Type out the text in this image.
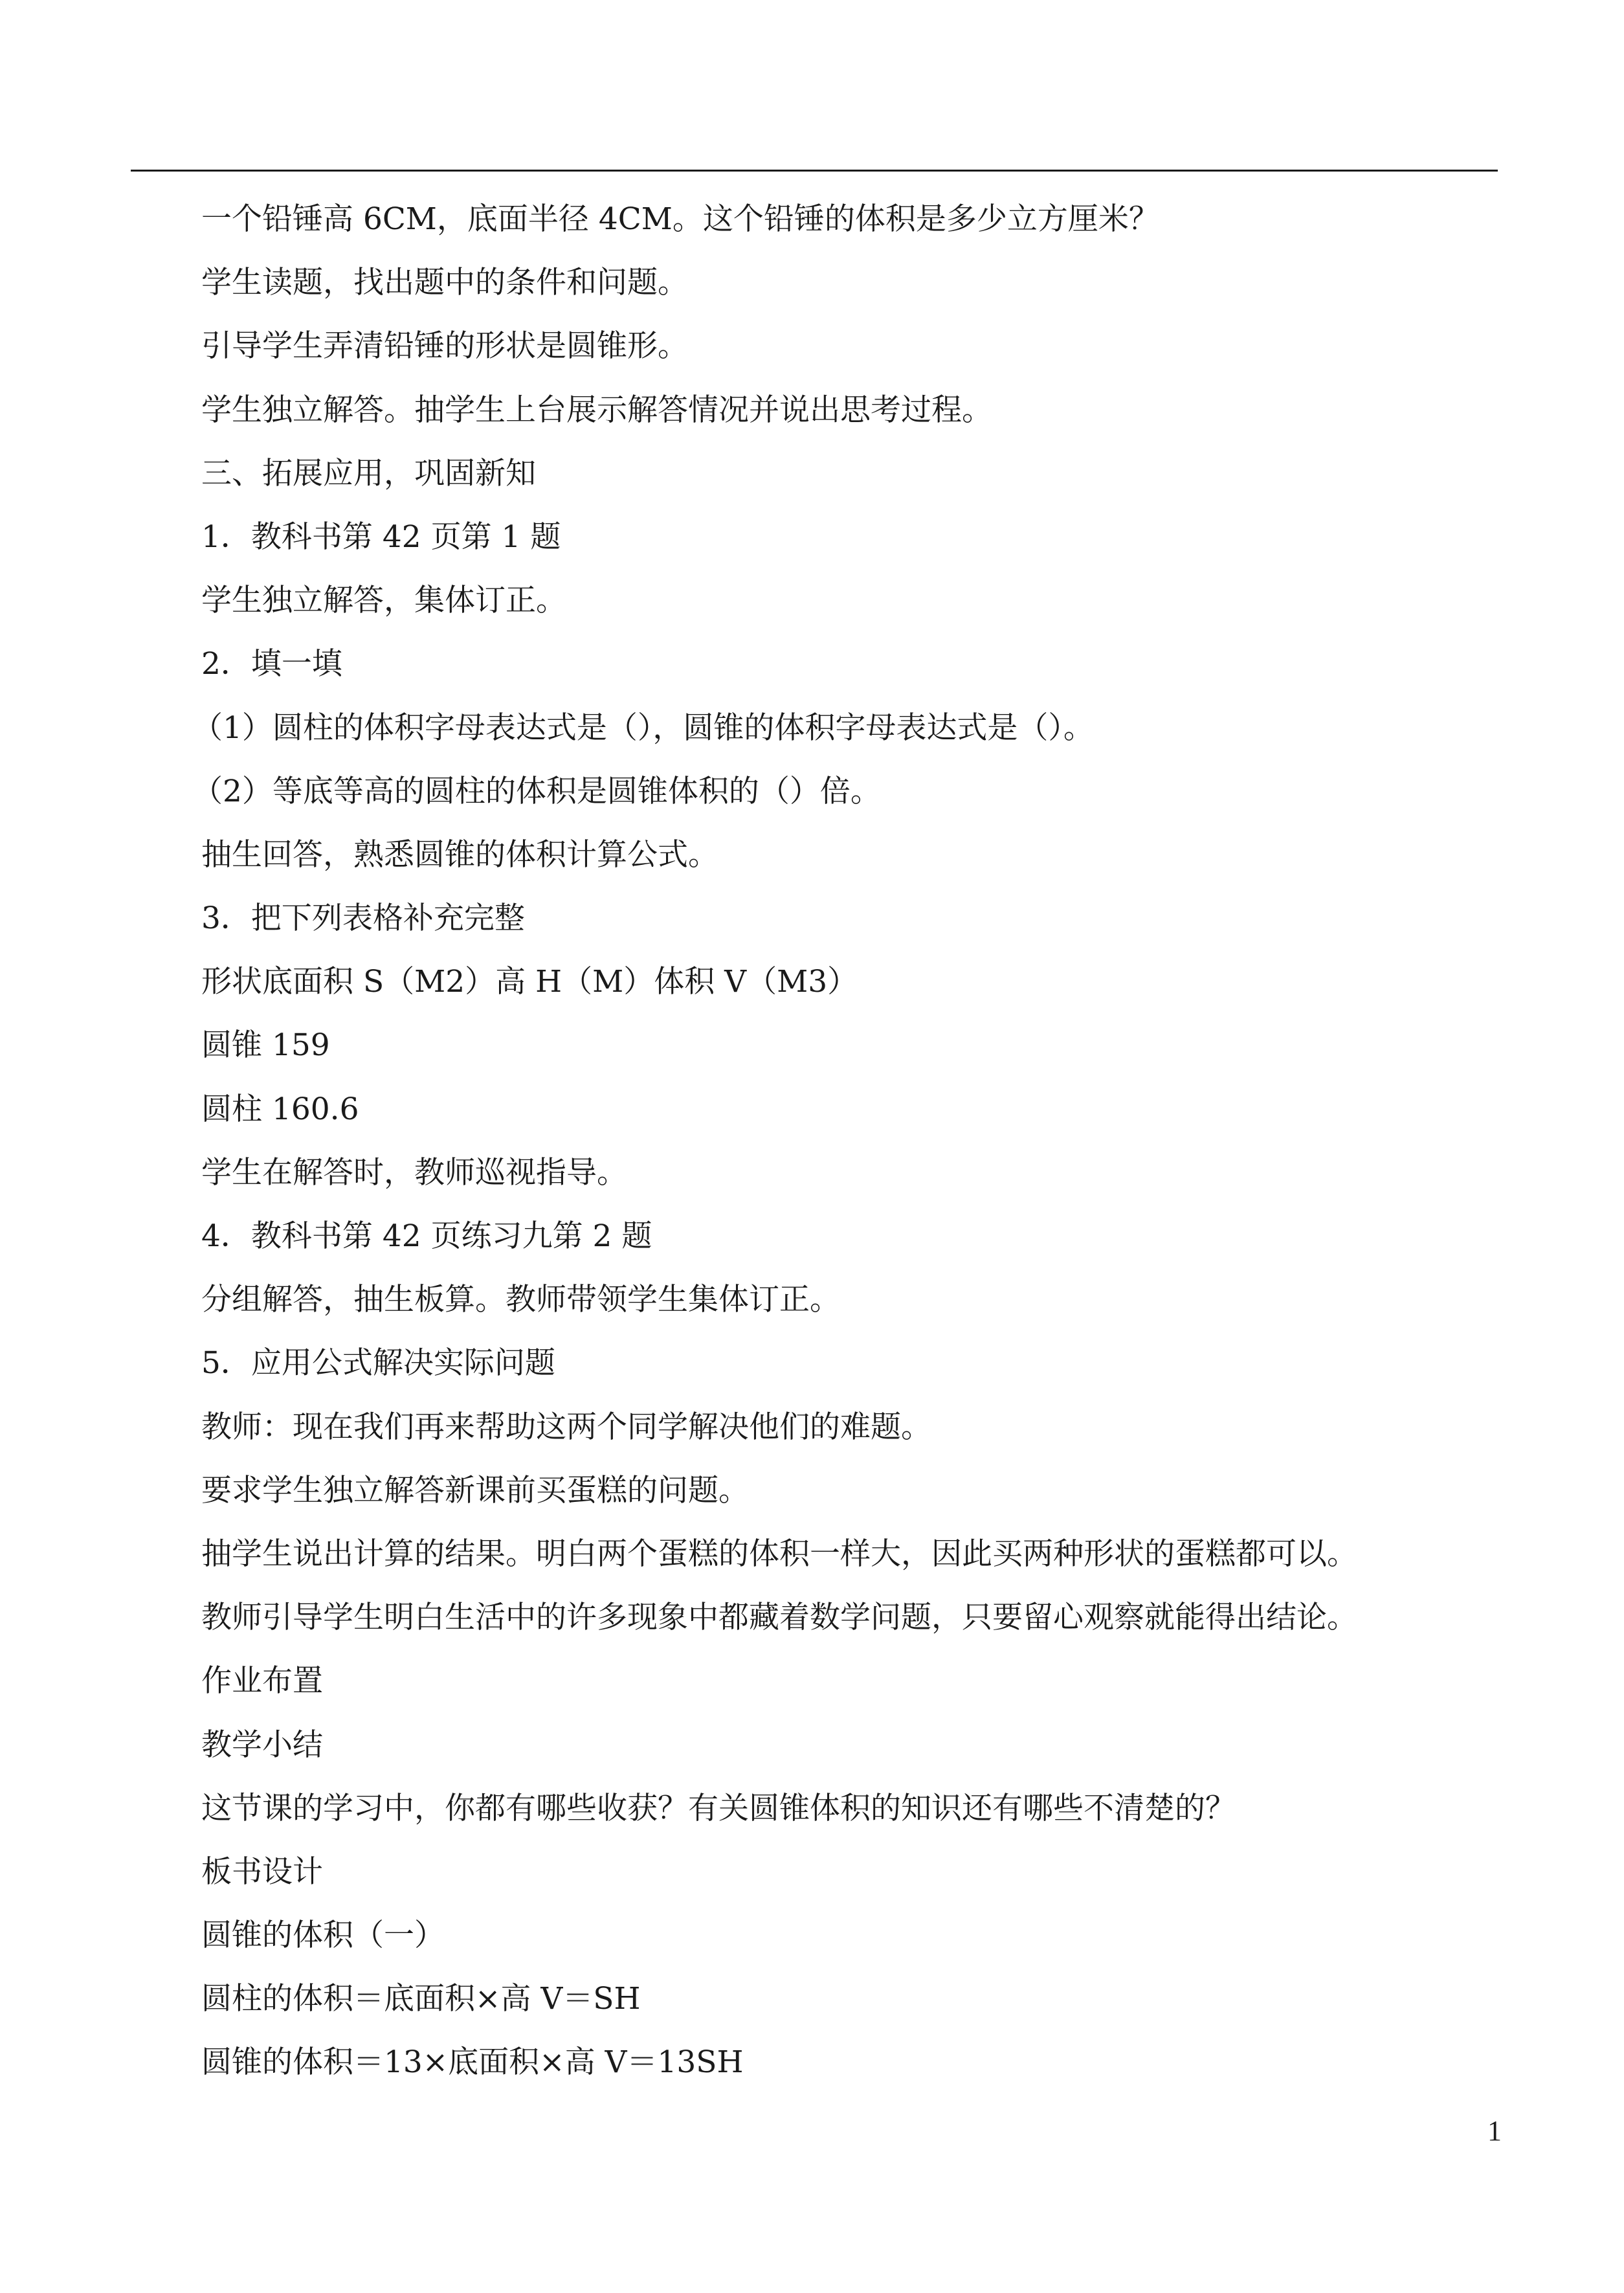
一个铅锤高 6CM，底面半径 4CM。这个铅锤的体积是多少立方厘米？
学生读题，找出题中的条件和问题。
引导学生弄清铅锤的形状是圆锥形。
学生独立解答。抽学生上台展示解答情况并说出思考过程。
三、拓展应用，巩固新知
1．教科书第 42 页第 1 题
学生独立解答，集体订正。
2．填一填
（1）圆柱的体积字母表达式是（），圆锥的体积字母表达式是（）。
（2）等底等高的圆柱的体积是圆锥体积的（）倍。
抽生回答，熟悉圆锥的体积计算公式。
3．把下列表格补充完整
形状底面积 S（M2）高 H（M）体积 V（M3）
圆锥 159
圆柱 160.6
学生在解答时，教师巡视指导。
4．教科书第 42 页练习九第 2 题
分组解答，抽生板算。教师带领学生集体订正。
5．应用公式解决实际问题
教师：现在我们再来帮助这两个同学解决他们的难题。
要求学生独立解答新课前买蛋糕的问题。
抽学生说出计算的结果。明白两个蛋糕的体积一样大，因此买两种形状的蛋糕都可以。
教师引导学生明白生活中的许多现象中都藏着数学问题，只要留心观察就能得出结论。
作业布置
教学小结
这节课的学习中，你都有哪些收获？有关圆锥体积的知识还有哪些不清楚的？
板书设计
圆锥的体积（一）
圆柱的体积＝底面积×高 V＝SH
圆锥的体积＝13×底面积×高 V＝13SH
1
